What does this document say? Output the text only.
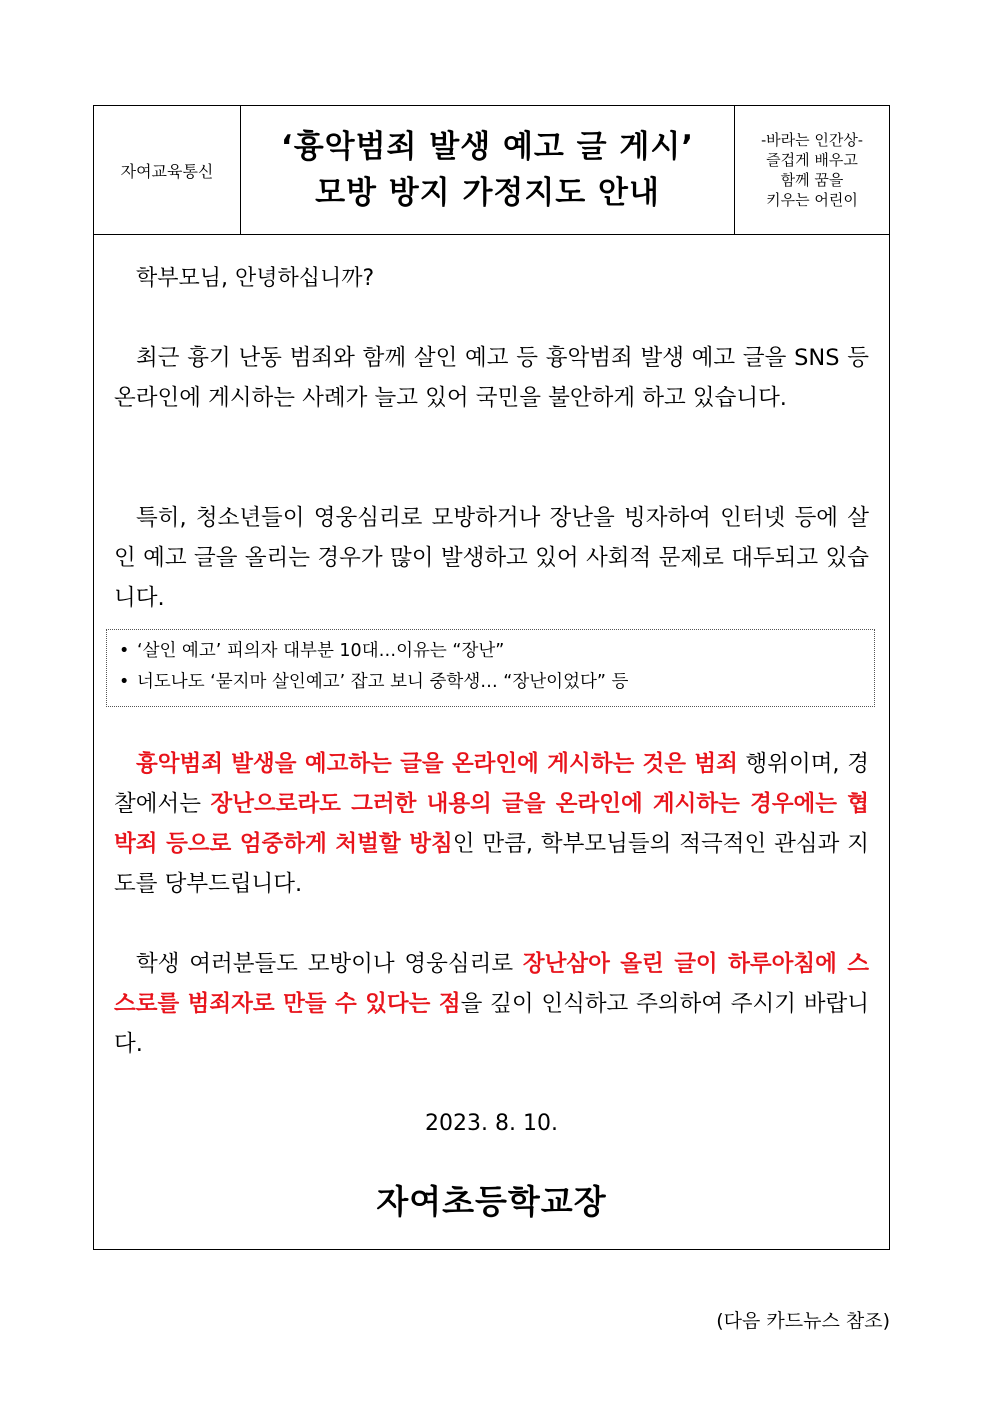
자여교육통신
‘흉악범죄 발생 예고 글 게시’
모방 방지 가정지도 안내
-바라는 인간상-
즐겁게 배우고
함께 꿈을
키우는 어린이
학부모님, 안녕하십니까?
최근 흉기 난동 범죄와 함께 살인 예고 등 흉악범죄 발생 예고 글을 SNS 등 온라인에 게시하는 사례가 늘고 있어 국민을 불안하게 하고 있습니다.
특히, 청소년들이 영웅심리로 모방하거나 장난을 빙자하여 인터넷 등에 살인 예고 글을 올리는 경우가 많이 발생하고 있어 사회적 문제로 대두되고 있습니다.
• ‘살인 예고’ 피의자 대부분 10대…이유는 “장난”
• 너도나도 ‘묻지마 살인예고’ 잡고 보니 중학생… “장난이었다” 등
흉악범죄 발생을 예고하는 글을 온라인에 게시하는 것은 범죄 행위이며, 경찰에서는 장난으로라도 그러한 내용의 글을 온라인에 게시하는 경우에는 협박죄 등으로 엄중하게 처벌할 방침인 만큼, 학부모님들의 적극적인 관심과 지도를 당부드립니다.
학생 여러분들도 모방이나 영웅심리로 장난삼아 올린 글이 하루아침에 스스로를 범죄자로 만들 수 있다는 점을 깊이 인식하고 주의하여 주시기 바랍니다.
2023. 8. 10.
자여초등학교장
(다음 카드뉴스 참조)
